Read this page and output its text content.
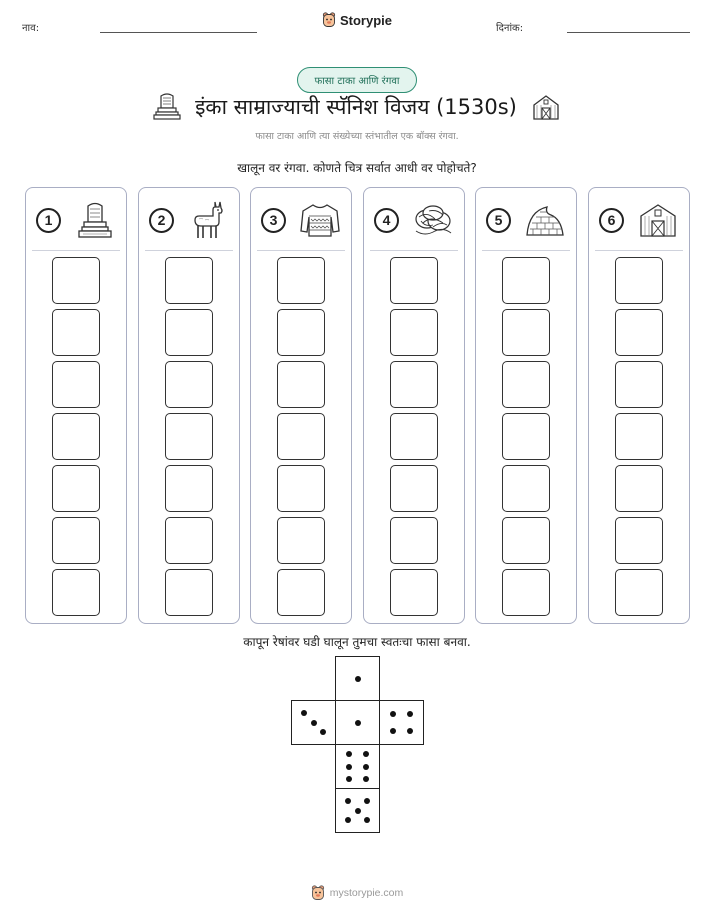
नाव:
Storypie
दिनांक:
फासा टाका आणि रंगवा
इंका साम्राज्याची स्पॅनिश विजय (1530s)
फासा टाका आणि त्या संख्येच्या स्तंभातील एक बॉक्स रंगवा.
खालून वर रंगवा. कोणते चित्र सर्वात आधी वर पोहोचते?
1	2	3	4	5	6
कापून रेषांवर घडी घालून तुमचा स्वतःचा फासा बनवा.
mystorypie.com
